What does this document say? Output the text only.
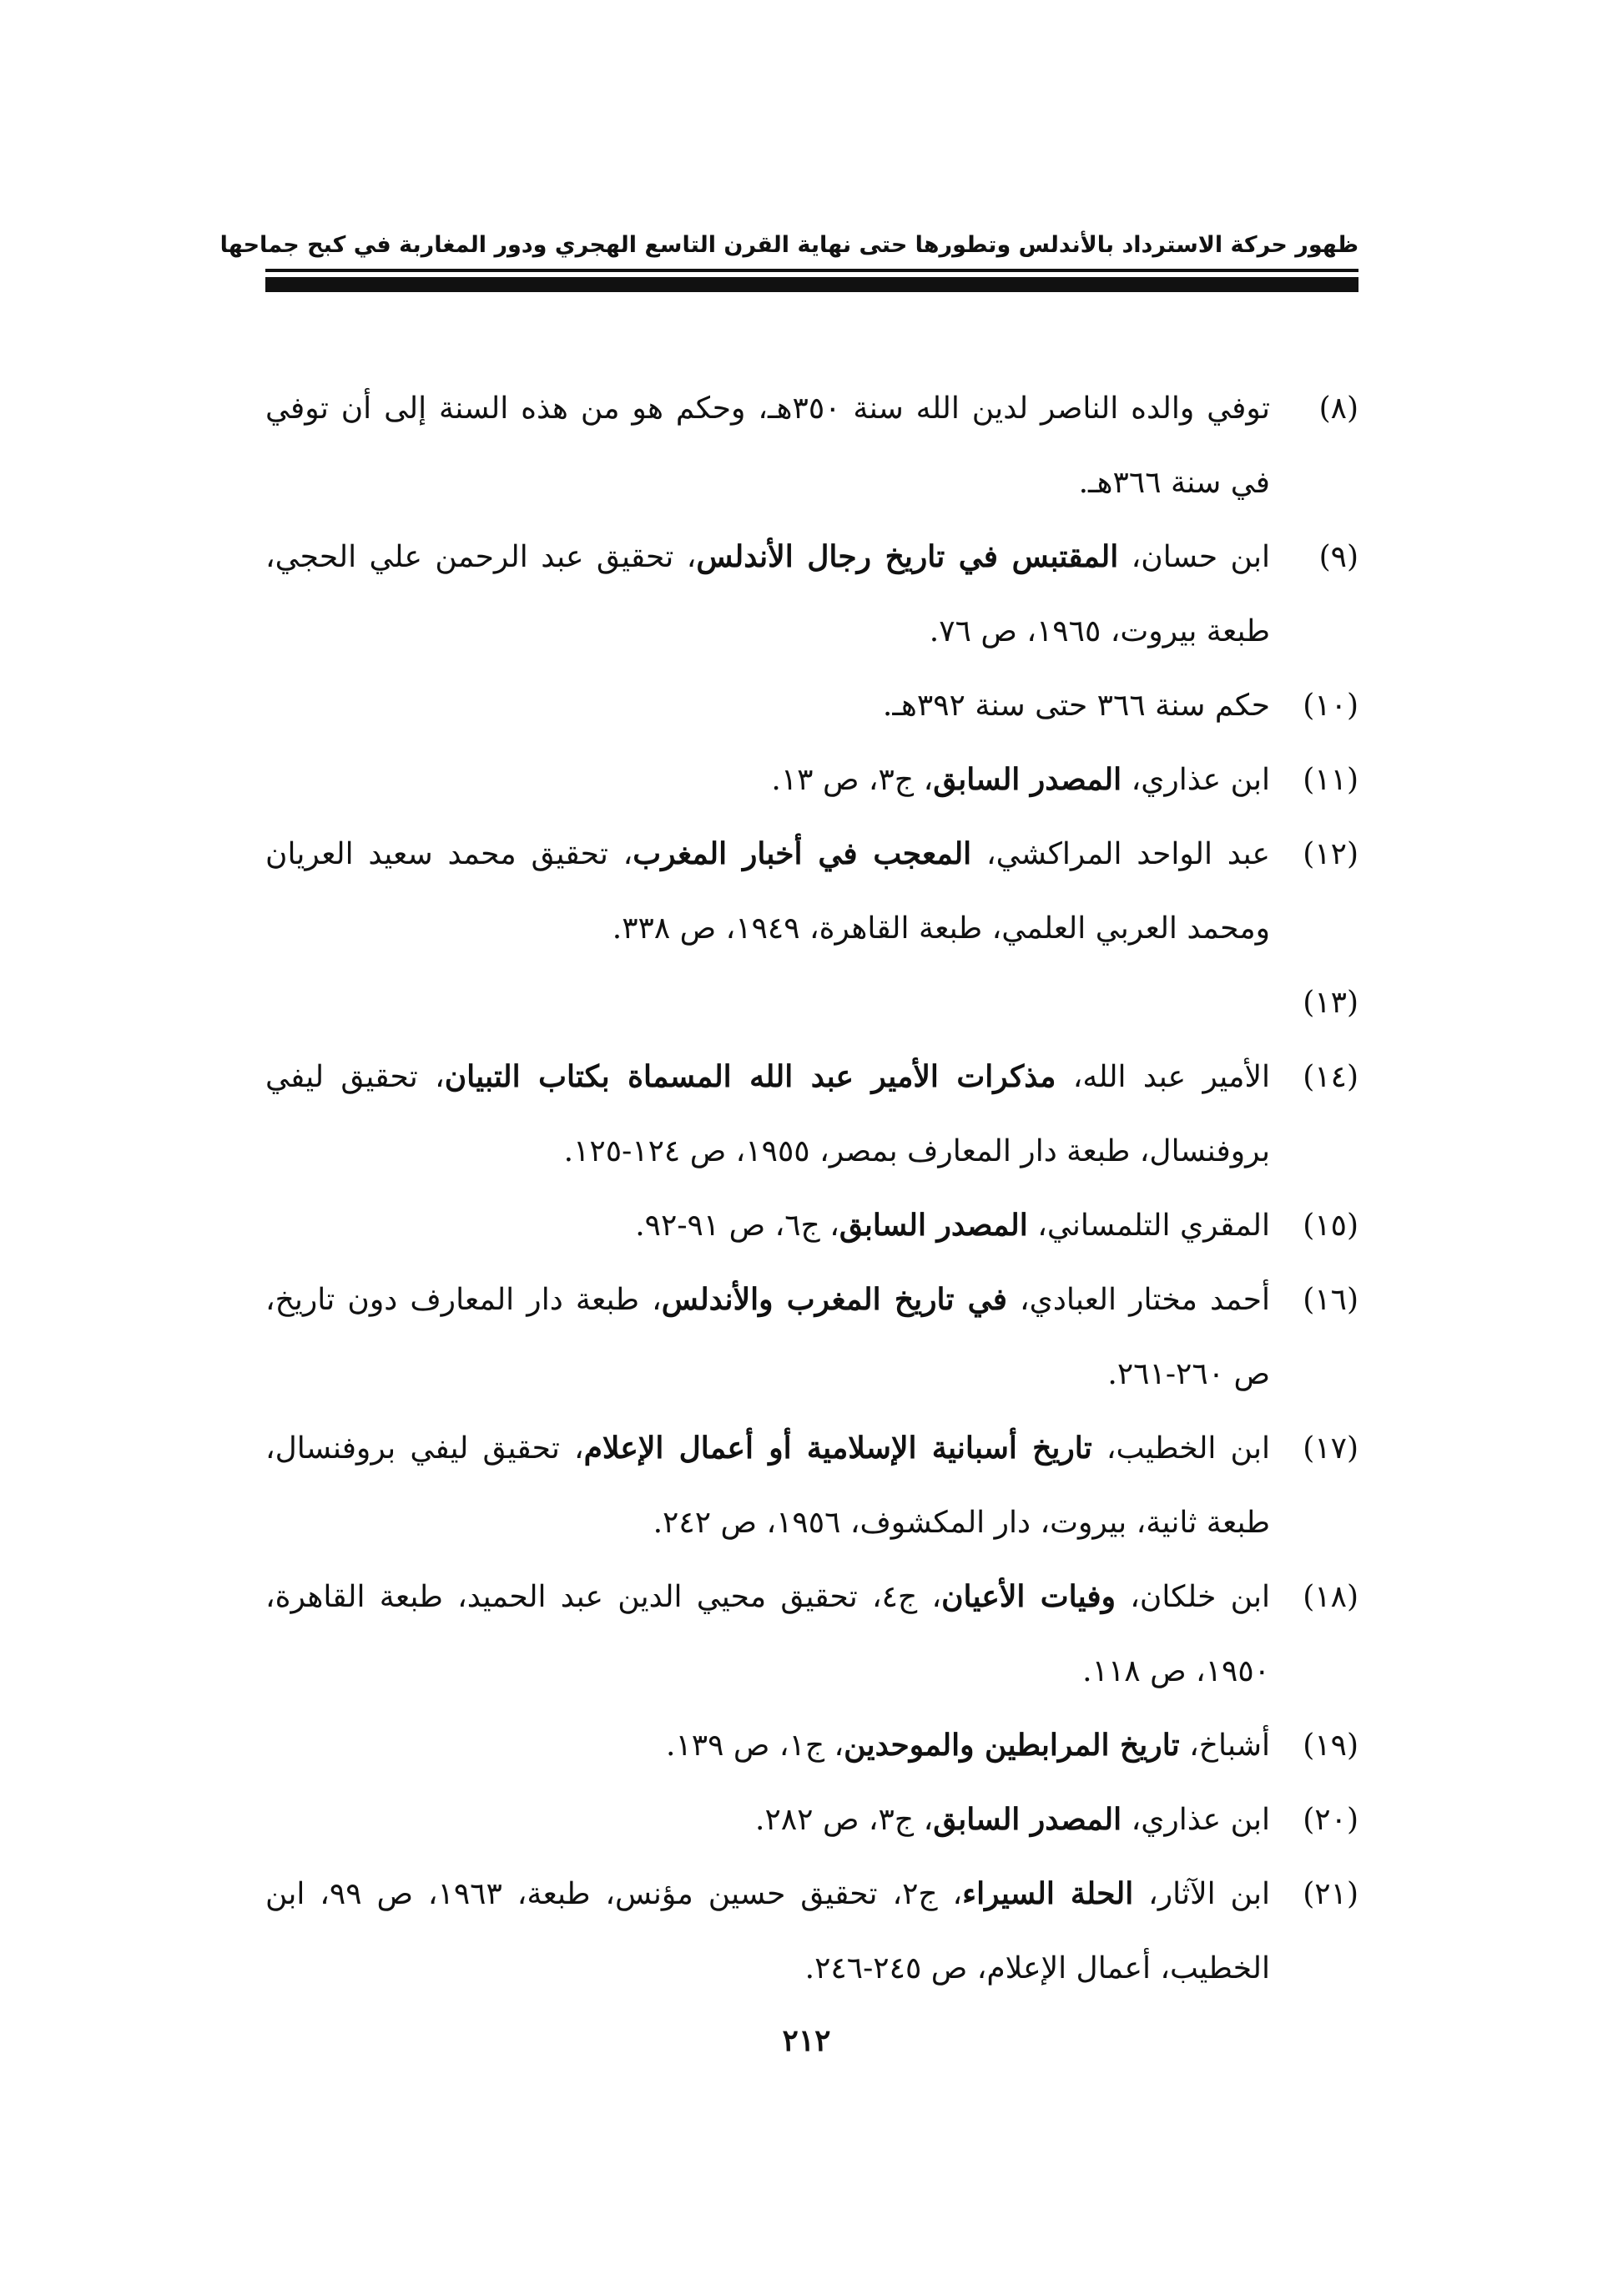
ظهور حركة الاسترداد بالأندلس وتطورها حتى نهاية القرن التاسع الهجري ودور المغاربة في كبح جماحها
(٨)
توفي والده الناصر لدين الله سنة ٣٥٠هـ، وحكم هو من هذه السنة إلى أن توفي في سنة ٣٦٦هـ.
(٩)
ابن حسان، المقتبس في تاريخ رجال الأندلس، تحقيق عبد الرحمن علي الحجي، طبعة بيروت، ١٩٦٥، ص ٧٦.
(١٠)
حكم سنة ٣٦٦ حتى سنة ٣٩٢هـ.
(١١)
ابن عذاري، المصدر السابق، ج٣، ص ١٣.
(١٢)
عبد الواحد المراكشي، المعجب في أخبار المغرب، تحقيق محمد سعيد العريان ومحمد العربي العلمي، طبعة القاهرة، ١٩٤٩، ص ٣٣٨.
(١٣)
(١٤)
الأمير عبد الله، مذكرات الأمير عبد الله المسماة بكتاب التبيان، تحقيق ليفي بروفنسال، طبعة دار المعارف بمصر، ١٩٥٥، ص ١٢٤-١٢٥.
(١٥)
المقري التلمساني، المصدر السابق، ج٦، ص ٩١-٩٢.
(١٦)
أحمد مختار العبادي، في تاريخ المغرب والأندلس، طبعة دار المعارف دون تاريخ، ص ٢٦٠-٢٦١.
(١٧)
ابن الخطيب، تاريخ أسبانية الإسلامية أو أعمال الإعلام، تحقيق ليفي بروفنسال، طبعة ثانية، بيروت، دار المكشوف، ١٩٥٦، ص ٢٤٢.
(١٨)
ابن خلكان، وفيات الأعيان، ج٤، تحقيق محيي الدين عبد الحميد، طبعة القاهرة، ١٩٥٠، ص ١١٨.
(١٩)
أشباخ، تاريخ المرابطين والموحدين، ج١، ص ١٣٩.
(٢٠)
ابن عذاري، المصدر السابق، ج٣، ص ٢٨٢.
(٢١)
ابن الآثار، الحلة السيراء، ج٢، تحقيق حسين مؤنس، طبعة، ١٩٦٣، ص ٩٩، ابن الخطيب، أعمال الإعلام، ص ٢٤٥-٢٤٦.
٢١٢
